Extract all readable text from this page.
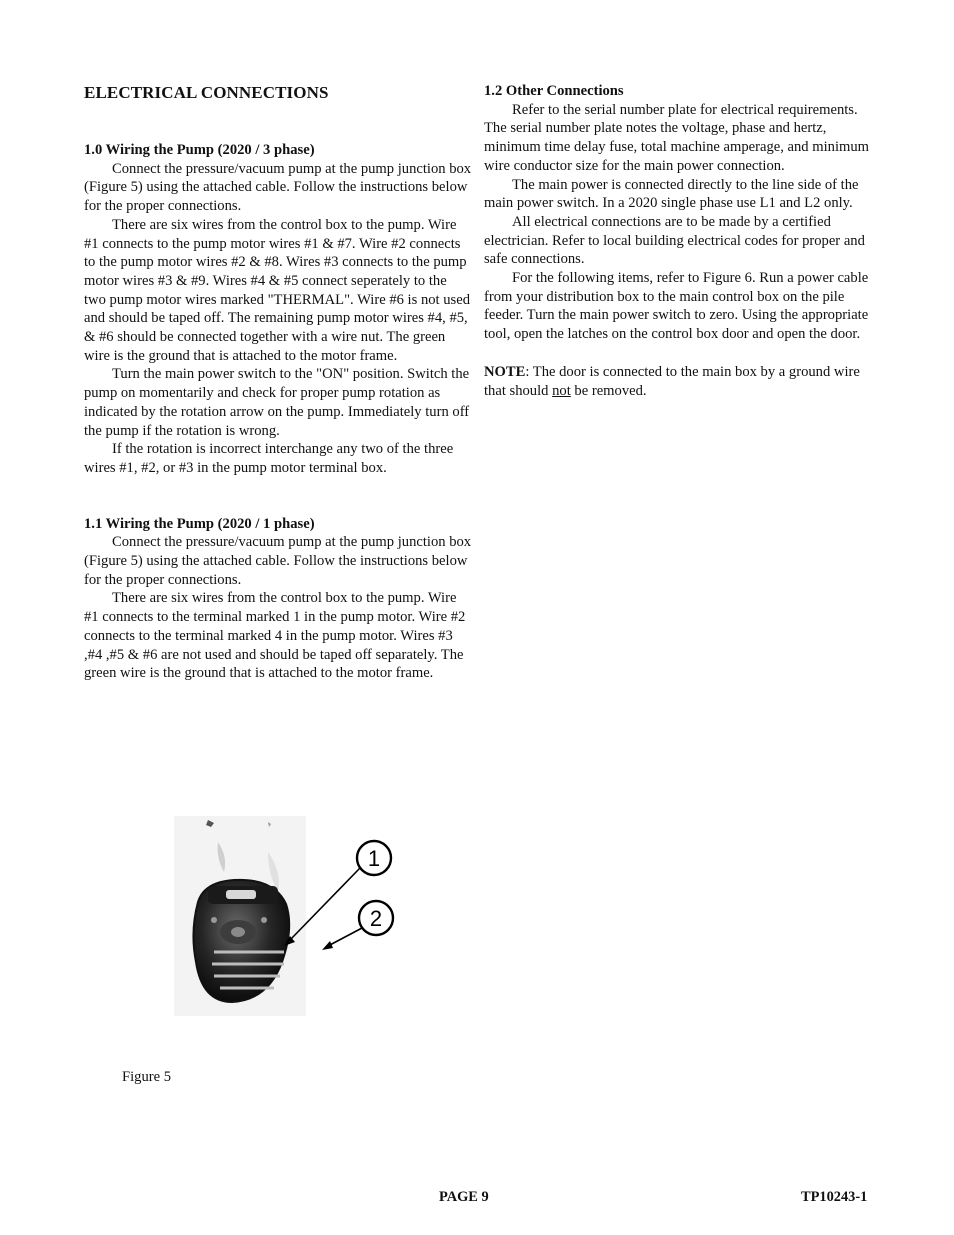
ELECTRICAL CONNECTIONS
1.0 Wiring the Pump (2020 / 3 phase)

Connect the pressure/vacuum pump at the pump junction box (Figure 5) using the attached cable. Follow the instructions below for the proper connections.

There are six wires from the control box to the pump. Wire #1 connects to the pump motor wires #1 & #7. Wire #2 connects to the pump motor wires #2 & #8. Wires #3 connects to the pump motor wires #3 & #9. Wires #4 & #5 connect seperately to the two pump motor wires marked "THERMAL". Wire #6 is not used and should be taped off. The remaining pump motor wires #4, #5, & #6 should be connected together with a wire nut. The green wire is the ground that is attached to the motor frame.

Turn the main power switch to the "ON" position. Switch the pump on momentarily and check for proper pump rotation as indicated by the rotation arrow on the pump. Immediately turn off the pump if the rotation is wrong.

If the rotation is incorrect interchange any two of the three wires #1, #2, or #3 in the pump motor terminal box.

1.1 Wiring the Pump (2020 / 1 phase)

Connect the pressure/vacuum pump at the pump junction box (Figure 5) using the attached cable. Follow the instructions below for the proper connections.

There are six wires from the control box to the pump. Wire #1 connects to the terminal marked 1 in the pump motor. Wire #2 connects to the terminal marked 4 in the pump motor. Wires #3 ,#4 ,#5 & #6 are not used and should be taped off separately. The green wire is the ground that is attached to the motor frame.

1.2 Other Connections

Refer to the serial number plate for electrical requirements. The serial number plate notes the voltage, phase and hertz, minimum time delay fuse, total machine amperage, and minimum wire conductor size for the main power connection.

The main power is connected directly to the line side of the main power switch. In a 2020 single phase use L1 and L2 only.

All electrical connections are to be made by a certified electrician. Refer to local building electrical codes for proper and safe connections.

For the following items, refer to Figure 6. Run a power cable from your distribution box to the main control box on the pile feeder. Turn the main power switch to zero. Using the appropriate tool, open the latches on the control box door and open the door.

NOTE: The door is connected to the main box by a ground wire that should not be removed.

1
2
Figure 5
PAGE 9	TP10243-1
